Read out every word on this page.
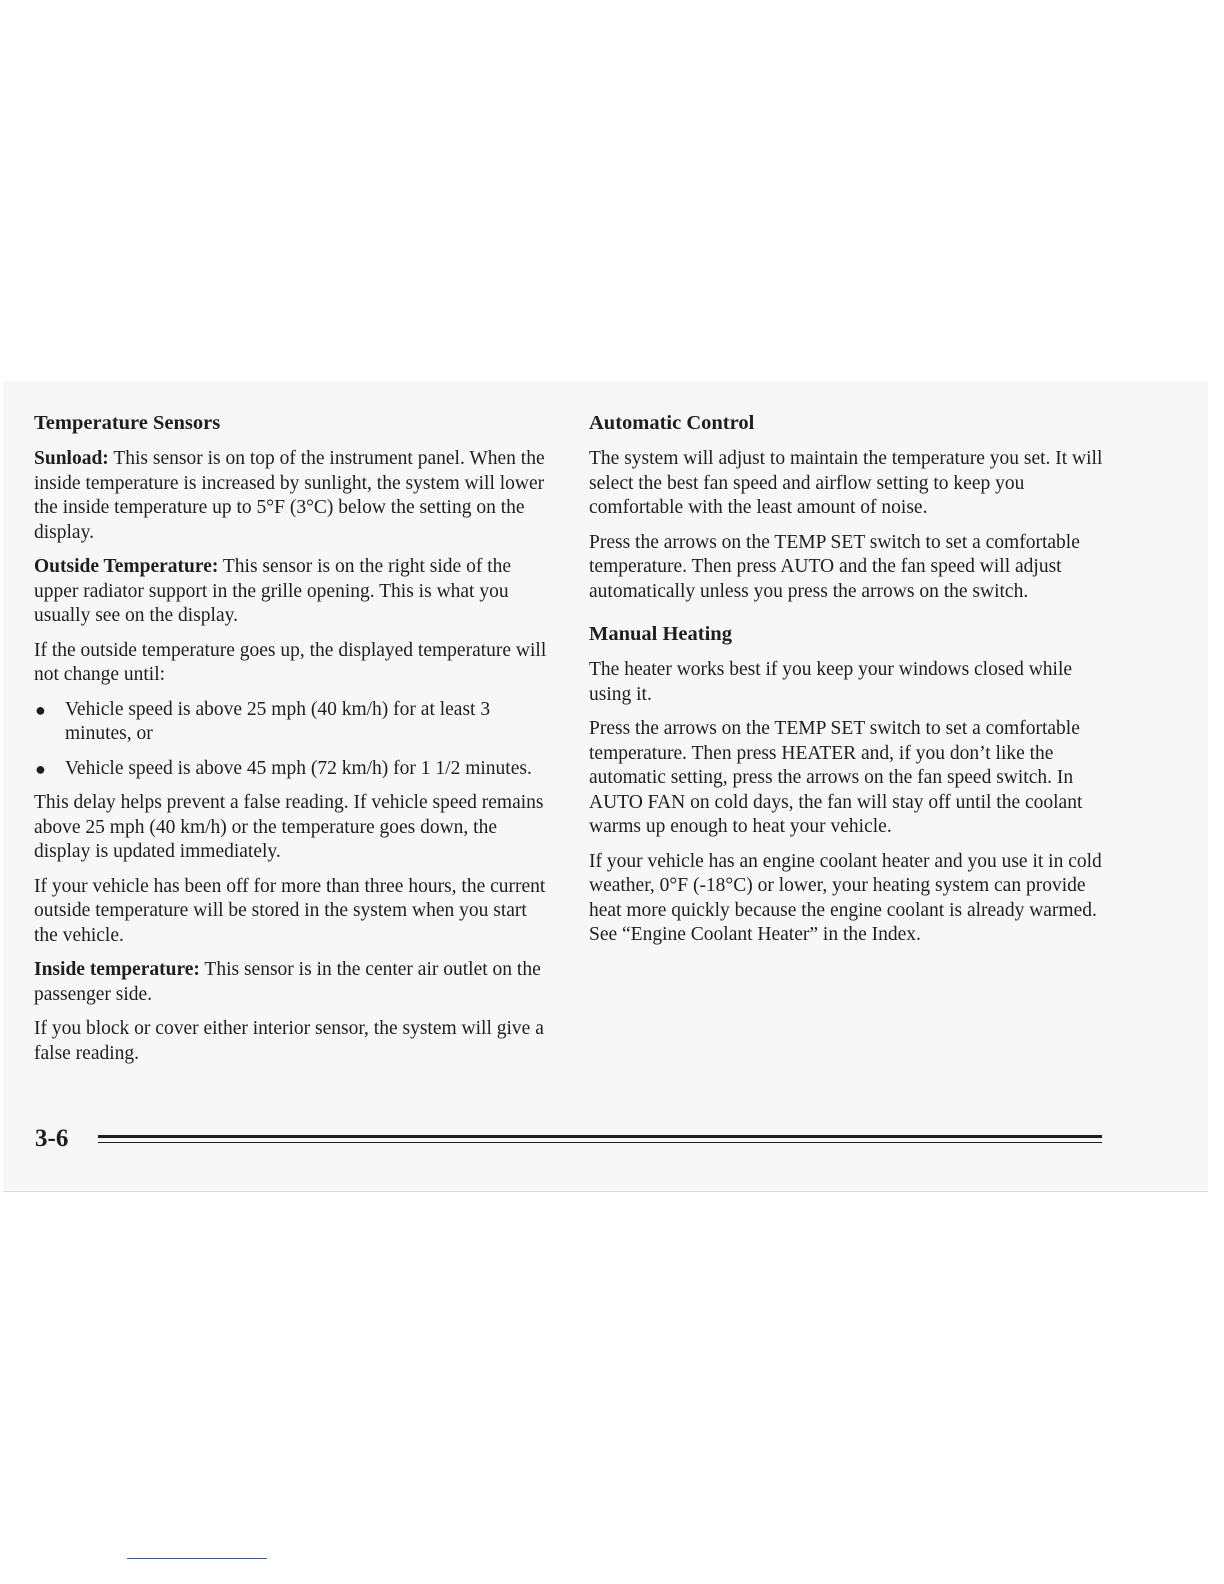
Temperature Sensors

Sunload: This sensor is on top of the instrument panel. When the inside temperature is increased by sunlight, the system will lower the inside temperature up to 5°F (3°C) below the setting on the display.

Outside Temperature: This sensor is on the right side of the upper radiator support in the grille opening. This is what you usually see on the display.

If the outside temperature goes up, the displayed temperature will not change until:

● Vehicle speed is above 25 mph (40 km/h) for at least 3 minutes, or
● Vehicle speed is above 45 mph (72 km/h) for 1 1/2 minutes.

This delay helps prevent a false reading. If vehicle speed remains above 25 mph (40 km/h) or the temperature goes down, the display is updated immediately.

If your vehicle has been off for more than three hours, the current outside temperature will be stored in the system when you start the vehicle.

Inside temperature: This sensor is in the center air outlet on the passenger side.

If you block or cover either interior sensor, the system will give a false reading.

Automatic Control

The system will adjust to maintain the temperature you set. It will select the best fan speed and airflow setting to keep you comfortable with the least amount of noise.

Press the arrows on the TEMP SET switch to set a comfortable temperature. Then press AUTO and the fan speed will adjust automatically unless you press the arrows on the switch.

Manual Heating

The heater works best if you keep your windows closed while using it.

Press the arrows on the TEMP SET switch to set a comfortable temperature. Then press HEATER and, if you don’t like the automatic setting, press the arrows on the fan speed switch. In AUTO FAN on cold days, the fan will stay off until the coolant warms up enough to heat your vehicle.

If your vehicle has an engine coolant heater and you use it in cold weather, 0°F (-18°C) or lower, your heating system can provide heat more quickly because the engine coolant is already warmed. See “Engine Coolant Heater” in the Index.

3-6
